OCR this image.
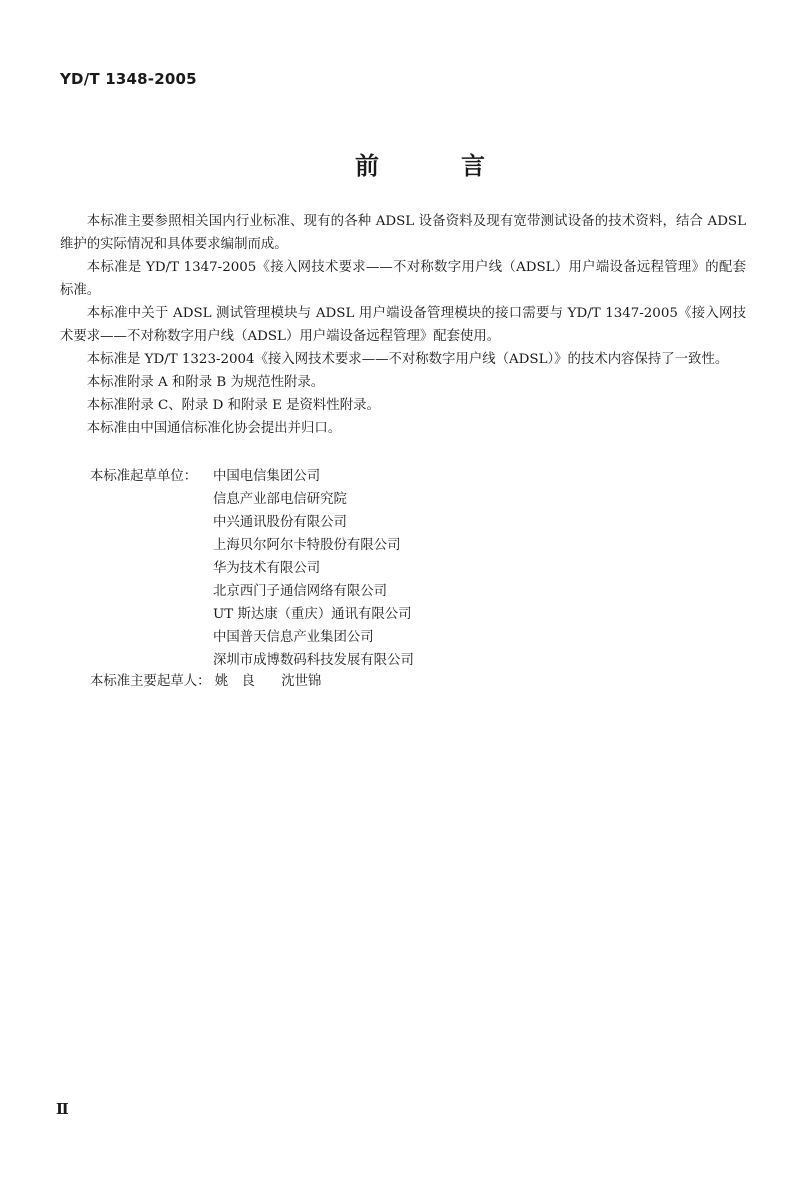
YD/T 1348-2005
前	言

本标准主要参照相关国内行业标准、现有的各种 ADSL 设备资料及现有宽带测试设备的技术资料，结合 ADSL 维护的实际情况和具体要求编制而成。

本标准是 YD/T 1347-2005《接入网技术要求——不对称数字用户线（ADSL）用户端设备远程管理》的配套标准。

本标准中关于 ADSL 测试管理模块与 ADSL 用户端设备管理模块的接口需要与 YD/T 1347-2005《接入网技术要求——不对称数字用户线（ADSL）用户端设备远程管理》配套使用。

本标准是 YD/T 1323-2004《接入网技术要求——不对称数字用户线（ADSL）》的技术内容保持了一致性。

本标准附录 A 和附录 B 为规范性附录。

本标准附录 C、附录 D 和附录 E 是资料性附录。

本标准由中国通信标准化协会提出并归口。

本标准起草单位： 中国电信集团公司
信息产业部电信研究院
中兴通讯股份有限公司
上海贝尔阿尔卡特股份有限公司
华为技术有限公司
北京西门子通信网络有限公司
UT 斯达康（重庆）通讯有限公司
中国普天信息产业集团公司
深圳市成博数码科技发展有限公司
本标准主要起草人： 姚　良 沈世锦
Ⅱ
